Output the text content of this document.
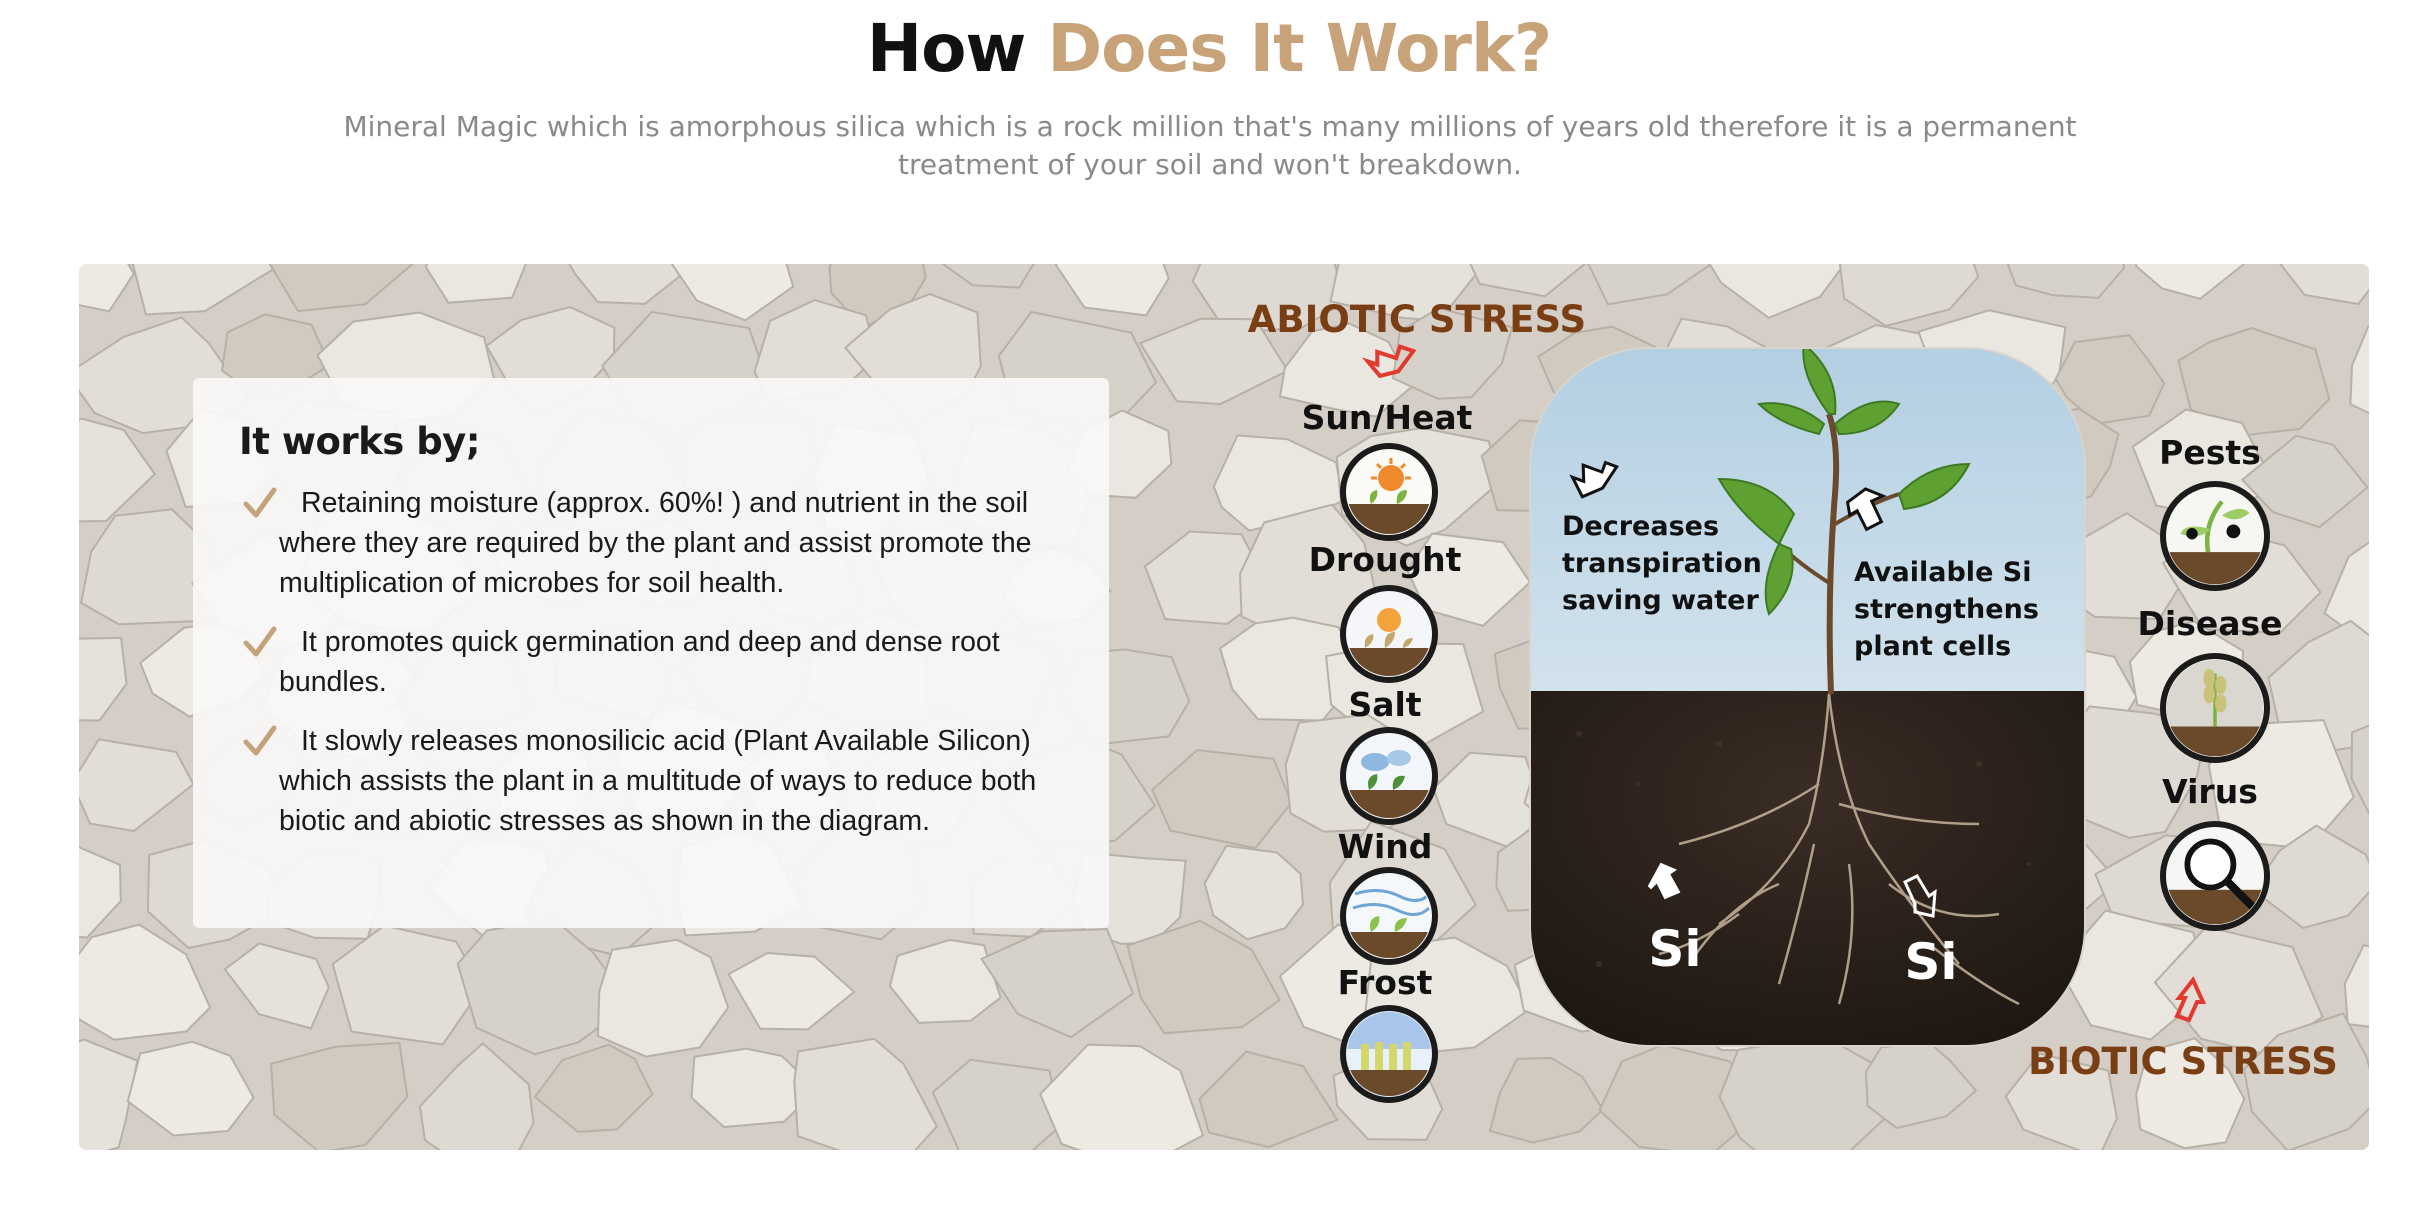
How Does It Work?

Mineral Magic which is amorphous silica which is a rock million that's many millions of years old therefore it is a permanent treatment of your soil and won't breakdown.

It works by;
Retaining moisture (approx. 60%! ) and nutrient in the soil where they are required by the plant and assist promote the multiplication of microbes for soil health.
It promotes quick germination and deep and dense root bundles.
It slowly releases monosilicic acid (Plant Available Silicon) which assists the plant in a multitude of ways to reduce both biotic and abiotic stresses as shown in the diagram.
ABIOTIC STRESS
Sun/Heat
Drought
Salt
Wind
Frost
Decreases
transpiration
saving water
Available Si
strengthens
plant cells
Si	Si
Pests
Disease
Virus
BIOTIC STRESS
